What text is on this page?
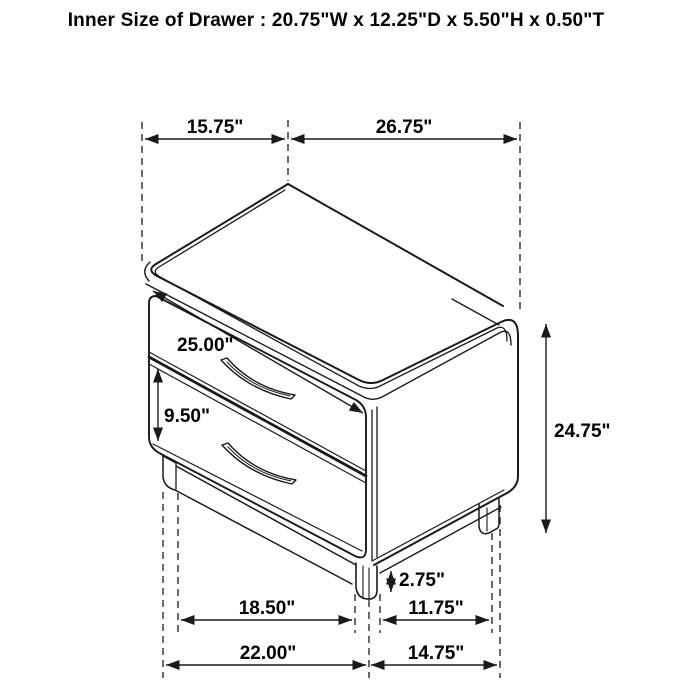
Inner Size of Drawer : 20.75"W x 12.25"D x 5.50"H x 0.50"T
15.75"	26.75"
25.00"
9.50"
24.75"
2.75"
18.50"	11.75"
22.00"	14.75"
